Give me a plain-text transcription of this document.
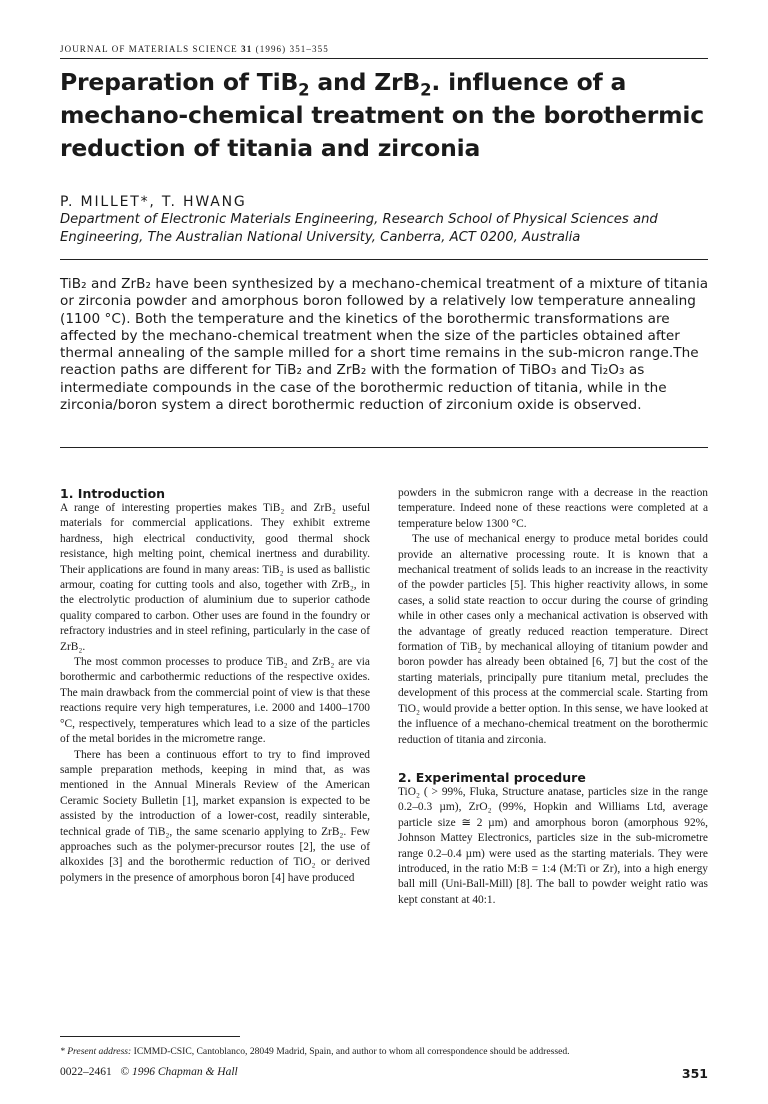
JOURNAL OF MATERIALS SCIENCE 31 (1996) 351–355
Preparation of TiB$_2$ and ZrB$_2$. influence of a mechano-chemical treatment on the borothermic reduction of titania and zirconia
P. MILLET*, T. HWANG
Department of Electronic Materials Engineering, Research School of Physical Sciences and Engineering, The Australian National University, Canberra, ACT 0200, Australia
TiB₂ and ZrB₂ have been synthesized by a mechano-chemical treatment of a mixture of titania or zirconia powder and amorphous boron followed by a relatively low temperature annealing (1100 °C). Both the temperature and the kinetics of the borothermic transformations are affected by the mechano-chemical treatment when the size of the particles obtained after thermal annealing of the sample milled for a short time remains in the sub-micron range.The reaction paths are different for TiB₂ and ZrB₂ with the formation of TiBO₃ and Ti₂O₃ as intermediate compounds in the case of the borothermic reduction of titania, while in the zirconia/boron system a direct borothermic reduction of zirconium oxide is observed.
1. Introduction

A range of interesting properties makes TiB₂ and ZrB₂ useful materials for commercial applications. They exhibit extreme hardness, high electrical conductivity, good thermal shock resistance, high melting point, chemical inertness and durability. Their applications are found in many areas: TiB₂ is used as ballistic armour, coating for cutting tools and also, together with ZrB₂, in the electrolytic production of aluminium due to superior cathode quality compared to carbon. Other uses are found in the foundry or refractory industries and in steel refining, particularly in the case of ZrB₂.

The most common processes to produce TiB₂ and ZrB₂ are via borothermic and carbothermic reductions of the respective oxides. The main drawback from the commercial point of view is that these reactions require very high temperatures, i.e. 2000 and 1400–1700 °C, respectively, temperatures which lead to a size of the particles of the metal borides in the micrometre range.

There has been a continuous effort to try to find improved sample preparation methods, keeping in mind that, as was mentioned in the Annual Minerals Review of the American Ceramic Society Bulletin [1], market expansion is expected to be assisted by the introduction of a lower-cost, readily sinterable, technical grade of TiB₂, the same scenario applying to ZrB₂. Few approaches such as the polymer-precursor routes [2], the use of alkoxides [3] and the borothermic reduction of TiO₂ or derived polymers in the presence of amorphous boron [4] have produced

powders in the submicron range with a decrease in the reaction temperature. Indeed none of these reactions were completed at a temperature below 1300 °C.

The use of mechanical energy to produce metal borides could provide an alternative processing route. It is known that a mechanical treatment of solids leads to an increase in the reactivity of the powder particles [5]. This higher reactivity allows, in some cases, a solid state reaction to occur during the course of grinding while in other cases only a mechanical activation is observed with the advantage of greatly reduced reaction temperature. Direct formation of TiB₂ by mechanical alloying of titanium powder and boron powder has already been obtained [6, 7] but the cost of the starting materials, principally pure titanium metal, precludes the development of this process at the commercial scale. Starting from TiO₂ would provide a better option. In this sense, we have looked at the influence of a mechano-chemical treatment on the borothermic reduction of titania and zirconia.

2. Experimental procedure

TiO₂ ( > 99%, Fluka, Structure anatase, particles size in the range 0.2–0.3 µm), ZrO₂ (99%, Hopkin and Williams Ltd, average particle size ≅ 2 µm) and amorphous boron (amorphous 92%, Johnson Mattey Electronics, particles size in the sub-micrometre range 0.2–0.4 µm) were used as the starting materials. They were introduced, in the ratio M:B = 1:4 (M:Ti or Zr), into a high energy ball mill (Uni-Ball-Mill) [8]. The ball to powder weight ratio was kept constant at 40:1.

* Present address: ICMMD-CSIC, Cantoblanco, 28049 Madrid, Spain, and author to whom all correspondence should be addressed.
0022–2461 © 1996 Chapman & Hall	351
